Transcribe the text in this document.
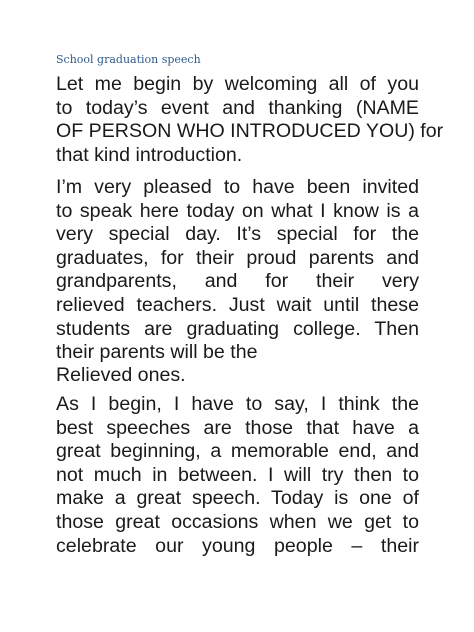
School graduation speech
Let me begin by welcoming all of you
to today’s event and thanking (NAME
OF PERSON WHO INTRODUCED YOU) for
that kind introduction.
I’m very pleased to have been invited
to speak here today on what I know is a
very special day. It’s special for the
graduates, for their proud parents and
grandparents, and for their very
relieved teachers. Just wait until these
students are graduating college. Then
their parents will be the
Relieved ones.
As I begin, I have to say, I think the
best speeches are those that have a
great beginning, a memorable end, and
not much in between. I will try then to
make a great speech. Today is one of
those great occasions when we get to
celebrate our young people – their
